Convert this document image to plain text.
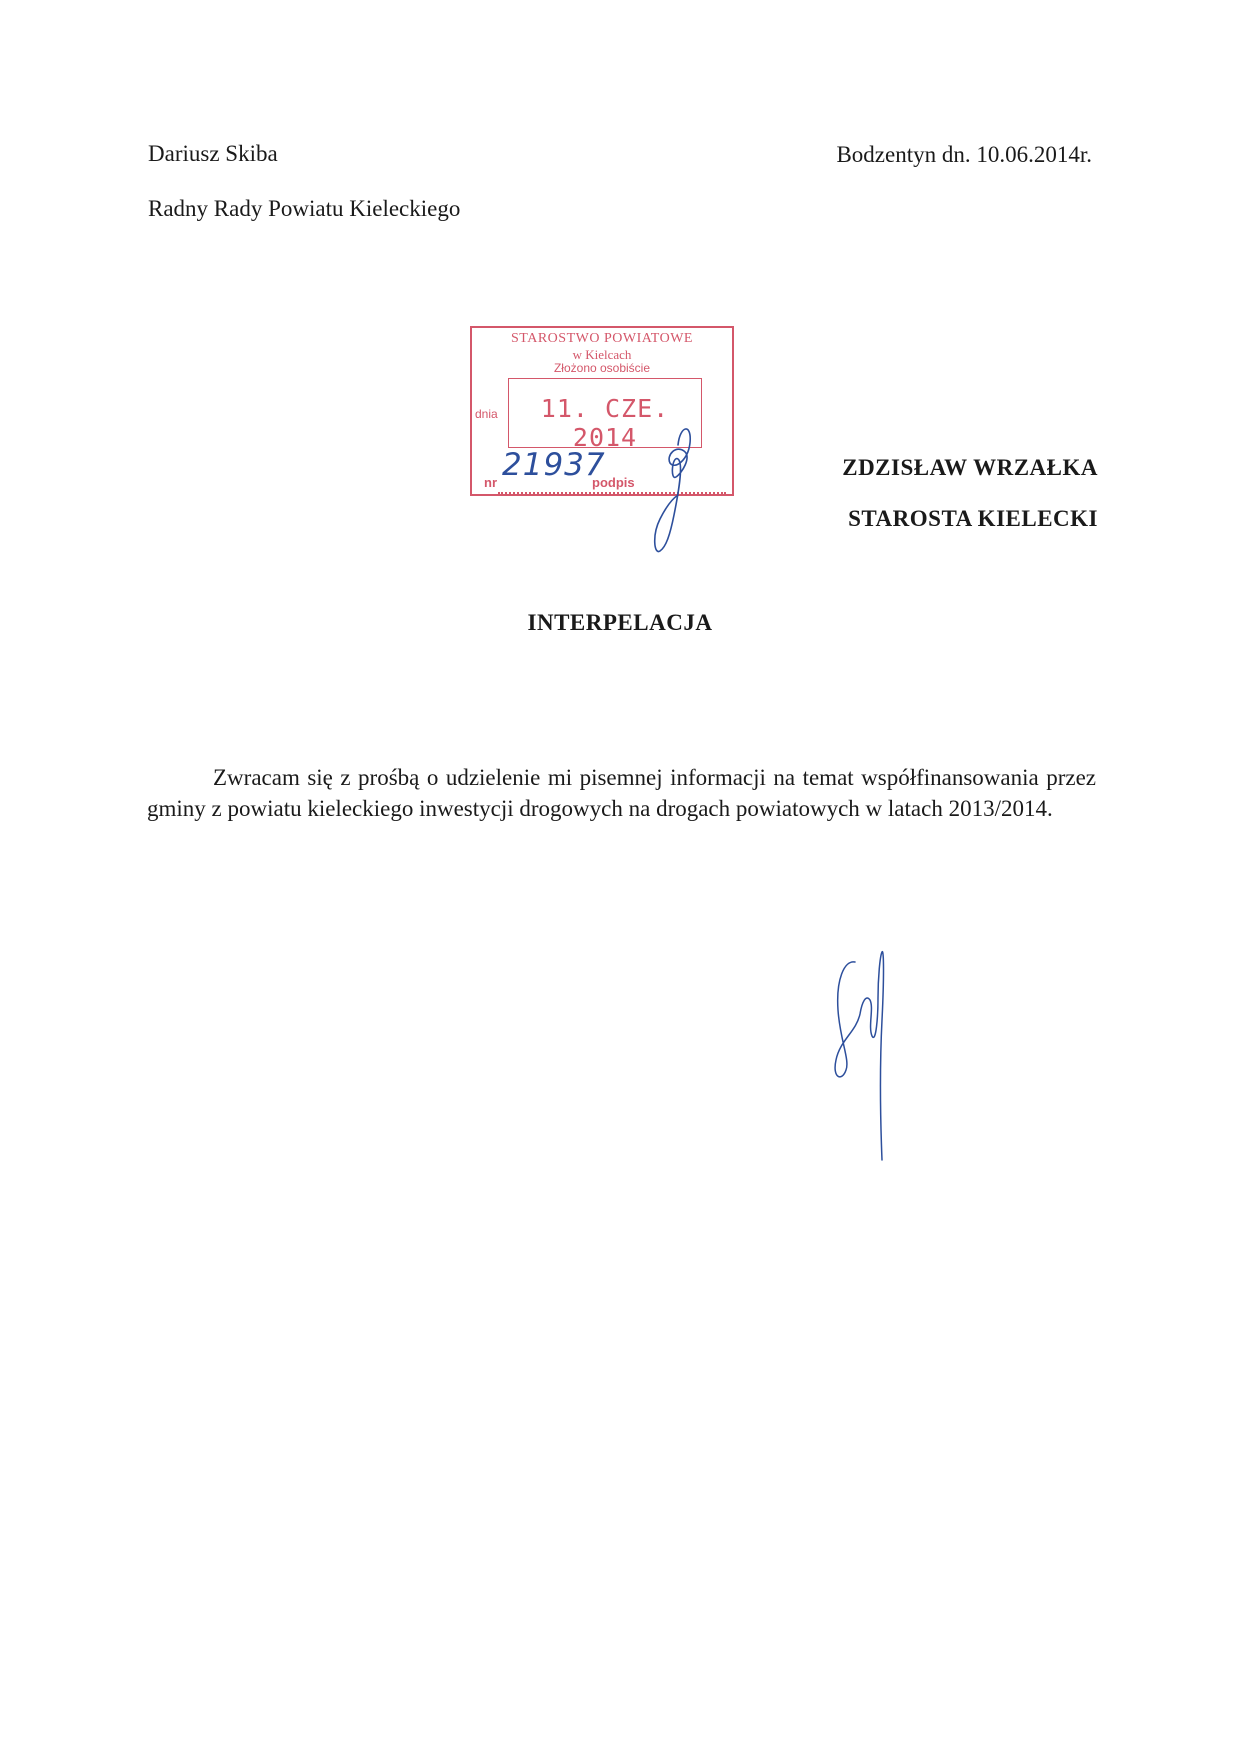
Dariusz Skiba
Radny Rady Powiatu Kieleckiego
Bodzentyn dn. 10.06.2014r.
STAROSTWO POWIATOWE
w Kielcach
Złożono osobiście
dnia	11. CZE. 2014
nr 21937
podpis
ZDZISŁAW WRZAŁKA
STAROSTA KIELECKI
INTERPELACJA
Zwracam się z prośbą o udzielenie mi pisemnej informacji na temat współfinansowania przez gminy z powiatu kieleckiego inwestycji drogowych na drogach powiatowych w latach 2013/2014.
